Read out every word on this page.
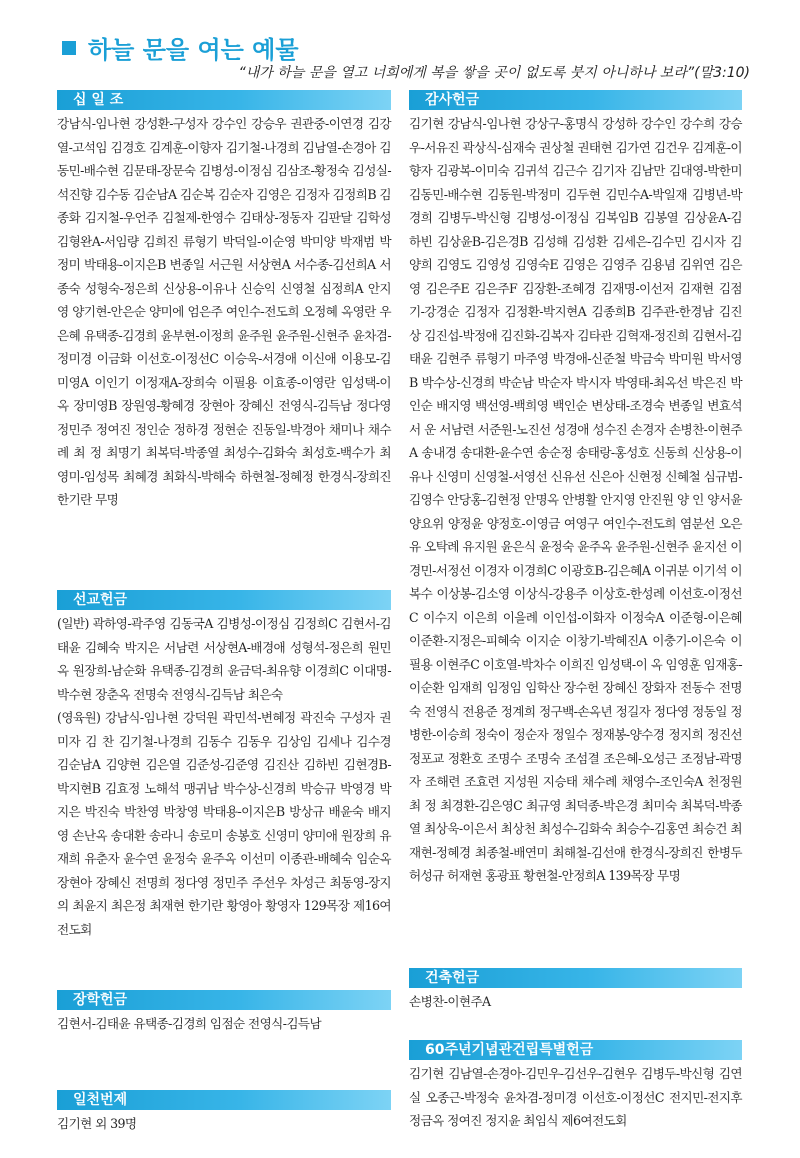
하늘 문을 여는 예물
“내가 하늘 문을 열고 너희에게 복을 쌓을 곳이 없도록 붓지 아니하나 보라”(말3:10)
십 일 조
강남식-임나현 강성환-구성자 강수인 강승우 권관중-이연경 김강열-고석임 김경호 김계훈-이향자 김기철-나경희 김남열-손경아 김동민-배수현 김문태-장문숙 김병성-이정심 김삼조-황정숙 김성실-석진향 김수동 김순남A 김순복 김순자 김영은 김정자 김정희B 김종화 김지철-우언주 김철제-한영수 김태상-정동자 김판달 김학성 김형완A-서임량 김희진 류형기 박덕일-이순영 박미양 박재범 박정미 박태용-이지은B 변종일 서근원 서상현A 서수종-김선희A 서종숙 성형숙-정은희 신상용-이유나 신승익 신영철 심정희A 안지영 양기현-안은순 양미에 엄은주 여인수-전도희 오정혜 옥영란 우은혜 유택종-김경희 윤부현-이정희 윤주원 윤주원-신현주 윤차겸-정미경 이금화 이선호-이정선C 이승욱-서경애 이신애 이용모-김미영A 이인기 이정재A-장희숙 이필용 이효종-이영란 임성택-이 옥 장미영B 장원영-황혜경 장현아 장혜신 전영식-김득남 정다영 정민주 정여진 정인순 정하경 정현순 진동일-박경아 채미나 채수례 최 정 최명기 최복덕-박종열 최성수-김화숙 최성호-백수가 최영미-임성목 최혜경 최화식-박해숙 하현철-정혜정 한경식-장희진 한기란 무명
선교헌금

(일반) 곽하영-곽주영 김동국A 김병성-이정심 김정희C 김현서-김태윤 김혜숙 박지은 서남련 서상현A-배경애 성형석-정은희 원민옥 원장희-남순화 유택종-김경희 윤금덕-최유향 이경희C 이대명-박수현 장춘옥 전명숙 전영식-김득남 최은숙

(영육원) 강남식-임나현 강덕원 곽민석-변혜정 곽진숙 구성자 권미자 김 찬 김기철-나경희 김동수 김동우 김상임 김세나 김수경 김순남A 김양현 김은열 김준성-김준영 김진산 김하빈 김현경B-박지현B 김효정 노해석 맹귀남 박수상-신경희 박승규 박영경 박지은 박진숙 박찬영 박창영 박태용-이지은B 방상규 배윤숙 배지영 손난옥 송대환 송라니 송로미 송봉호 신영미 양미애 원장희 유재희 유춘자 윤수연 윤정숙 윤주옥 이선미 이종관-배혜숙 임순옥 장현아 장혜신 전명희 정다영 정민주 주선우 차성근 최동영-장지의 최윤지 최은정 최재현 한기란 황영아 황영자 129목장 제16여전도회

장학헌금
김현서-김태윤 유택종-김경희 임점순 전영식-김득남
일천번제
김기현 외 39명
감사헌금
김기현 강남식-임나현 강상구-홍명식 강성하 강수인 강수희 강승우-서유진 곽상식-심재숙 권상철 권태현 김가연 김건우 김계훈-이향자 김광복-이미숙 김귀석 김근수 김기자 김남만 김대영-박한미 김동민-배수현 김동원-박정미 김두현 김민수A-박일재 김병년-박경희 김병두-박신형 김병성-이정심 김복임B 김봉열 김상윤A-김하빈 김상윤B-김은경B 김성해 김성환 김세은-김수민 김시자 김양희 김영도 김영성 김영숙E 김영은 김영주 김용념 김위연 김은영 김은주E 김은주F 김장환-조혜경 김재명-이선저 김재현 김점기-강경순 김정자 김정환-박지현A 김종희B 김주관-한경남 김진상 김진섭-박정애 김진화-김복자 김타관 김혁재-정진희 김현서-김태윤 김현주 류형기 마주영 박경애-신준철 박금숙 박미원 박서영B 박수상-신경희 박순남 박순자 박시자 박영태-최옥선 박은진 박인순 배지영 백선영-백희영 백인순 변상태-조경숙 변종일 변효석 서 운 서남련 서준원-노진선 성경애 성수진 손경자 손병찬-이현주A 송내경 송대환-윤수연 송순정 송태랑-홍성호 신동희 신상용-이유나 신영미 신영철-서영선 신유선 신은아 신현정 신혜철 심규범-김영수 안당홍-김현정 안명옥 안병활 안지영 안진원 양 인 양서윤 양요위 양정윤 양정호-이영금 여영구 여인수-전도희 염분선 오은유 오탁례 유지원 윤은식 윤정숙 윤주옥 윤주원-신현주 윤지선 이경민-서정선 이경자 이경희C 이광호B-김은혜A 이귀분 이기석 이복수 이상봉-김소영 이상식-강용주 이상호-한성례 이선호-이정선C 이수지 이은희 이을례 이인섭-이화자 이정숙A 이준형-이은혜 이준환-지정은-피혜숙 이지순 이창기-박혜진A 이충기-이은숙 이필용 이현주C 이호열-박차수 이희진 임성택-이 옥 임영훈 임재홍-이순환 임재희 임정임 임학산 장수헌 장혜신 장화자 전동수 전명숙 전영식 전용준 정계희 정구백-손옥년 정길자 정다영 정동일 정병한-이승희 정숙이 정순자 정일수 정재봉-양수경 정지희 정진선 정포교 정환호 조명수 조명숙 조섬결 조은혜-오성근 조정남-곽명자 조해련 조효련 지성원 지승태 채수례 채영수-조인숙A 천정원 최 정 최경환-김은영C 최규영 최덕종-박은경 최미숙 최복덕-박종열 최상욱-이은서 최상천 최성수-김화숙 최승수-김홍연 최승건 최재현-정혜경 최종철-배연미 최해철-김선애 한경식-장희진 한병두 허성규 허재현 홍광표 황현철-안정희A 139목장 무명
건축헌금
손병찬-이현주A
60주년기념관건립특별헌금
김기현 김남열-손경아-김민우-김선우-김현우 김병두-박신형 김연실 오종근-박정숙 윤차겸-정미경 이선호-이정선C 전지민-전지후 정금옥 정여진 정지윤 최임식 제6여전도회
